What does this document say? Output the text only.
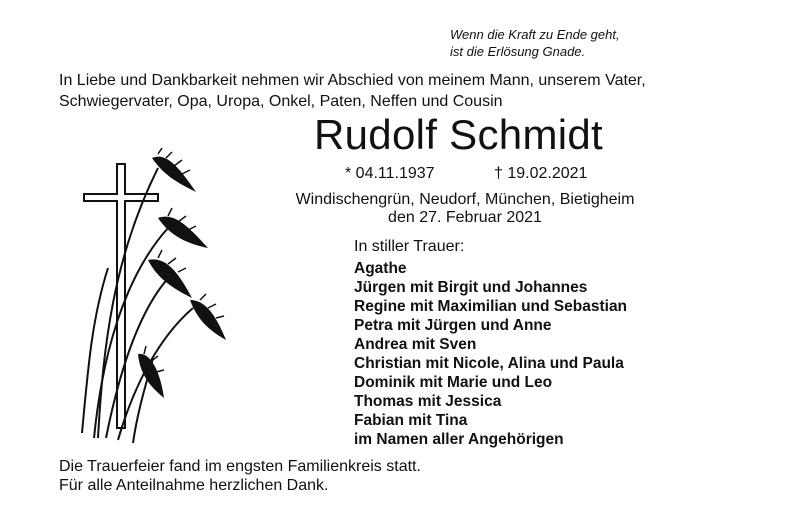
Wenn die Kraft zu Ende geht,
ist die Erlösung Gnade.
In Liebe und Dankbarkeit nehmen wir Abschied von meinem Mann, unserem Vater,
Schwiegervater, Opa, Uropa, Onkel, Paten, Neffen und Cousin
Rudolf Schmidt
* 04.11.1937	† 19.02.2021
Windischengrün, Neudorf, München, Bietigheim
den 27. Februar 2021
In stiller Trauer:
Agathe
Jürgen mit Birgit und Johannes
Regine mit Maximilian und Sebastian
Petra mit Jürgen und Anne
Andrea mit Sven
Christian mit Nicole, Alina und Paula
Dominik mit Marie und Leo
Thomas mit Jessica
Fabian mit Tina
im Namen aller Angehörigen
Die Trauerfeier fand im engsten Familienkreis statt.
Für alle Anteilnahme herzlichen Dank.
